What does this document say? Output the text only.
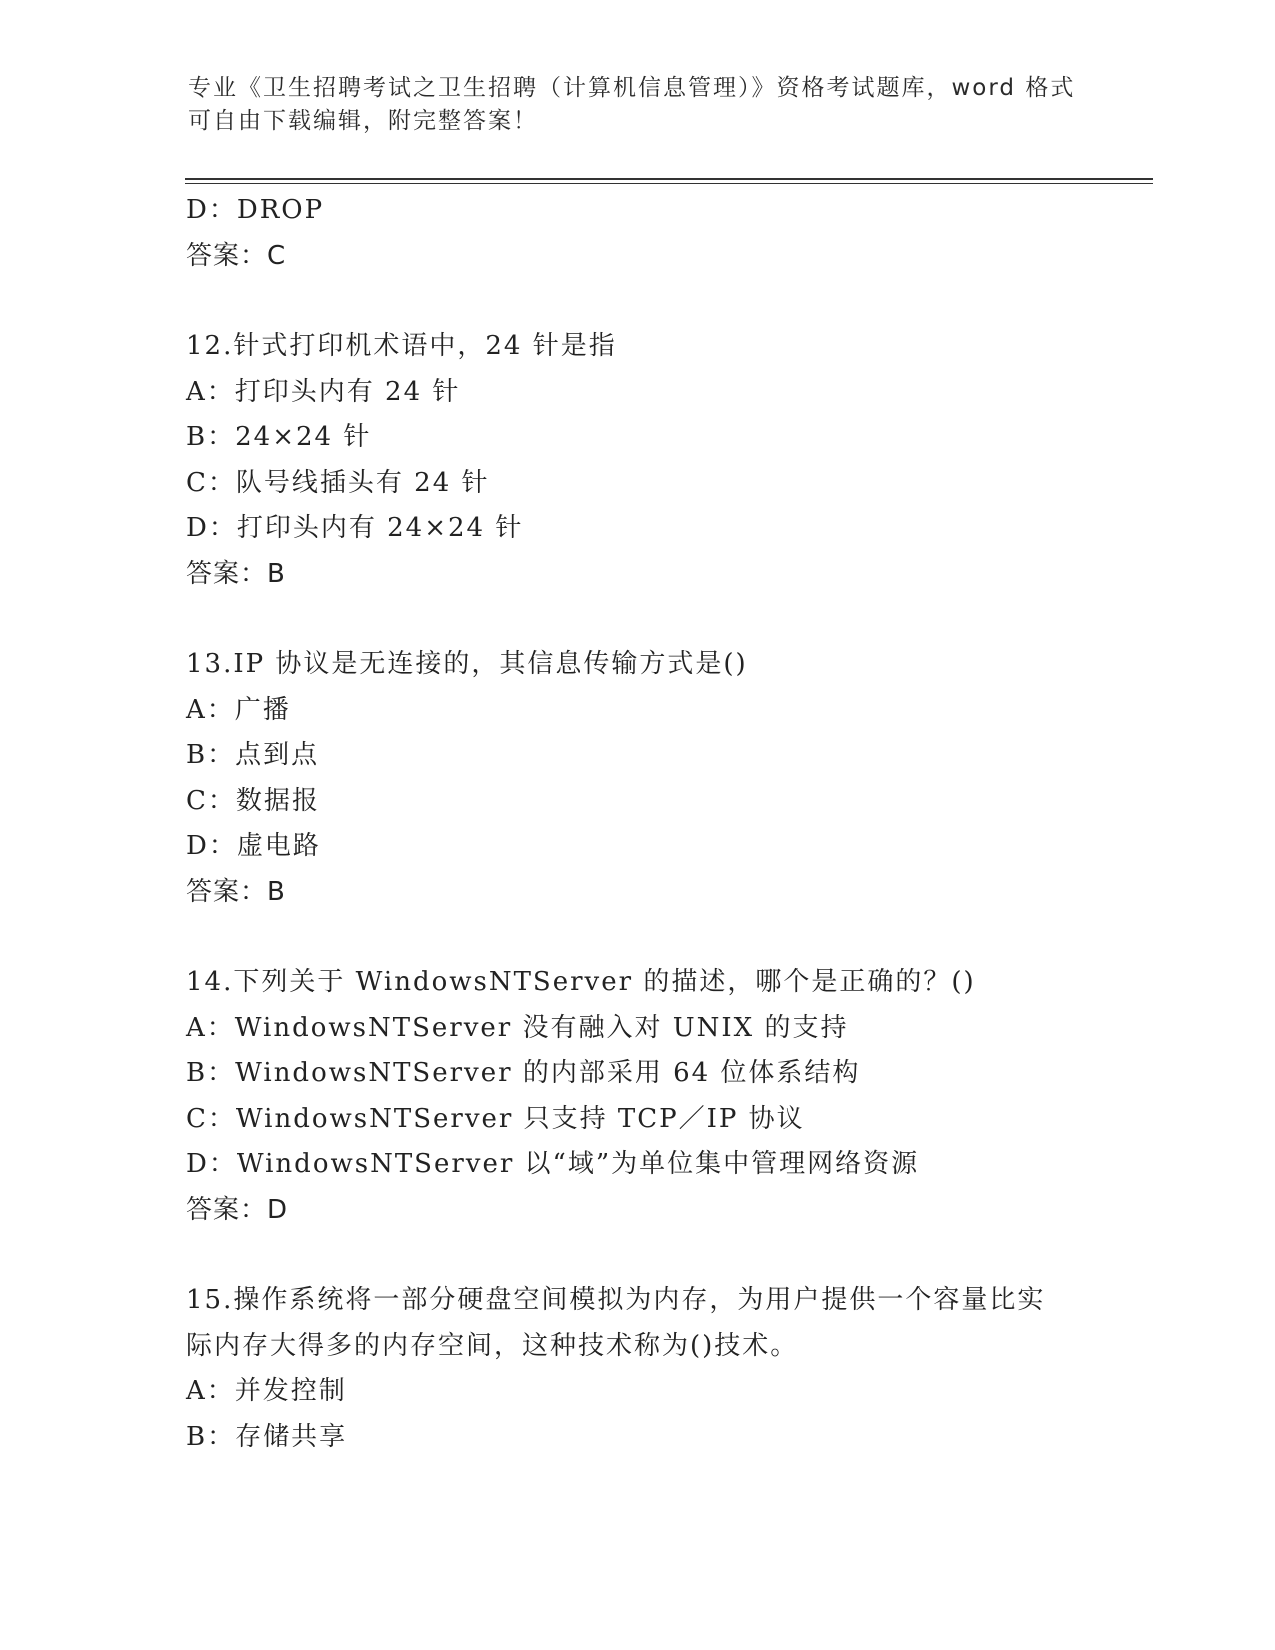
专业《卫生招聘考试之卫生招聘（计算机信息管理）》资格考试题库，word 格式
可自由下载编辑，附完整答案！
D：DROP
答案：C
12.针式打印机术语中，24 针是指
A：打印头内有 24 针
B：24×24 针
C：队号线插头有 24 针
D：打印头内有 24×24 针
答案：B
13.IP 协议是无连接的，其信息传输方式是()
A：广播
B：点到点
C：数据报
D：虚电路
答案：B
14.下列关于 WindowsNTServer 的描述，哪个是正确的？()
A：WindowsNTServer 没有融入对 UNIX 的支持
B：WindowsNTServer 的内部采用 64 位体系结构
C：WindowsNTServer 只支持 TCP／IP 协议
D：WindowsNTServer 以“域”为单位集中管理网络资源
答案：D
15.操作系统将一部分硬盘空间模拟为内存，为用户提供一个容量比实
际内存大得多的内存空间，这种技术称为()技术。
A：并发控制
B：存储共享
